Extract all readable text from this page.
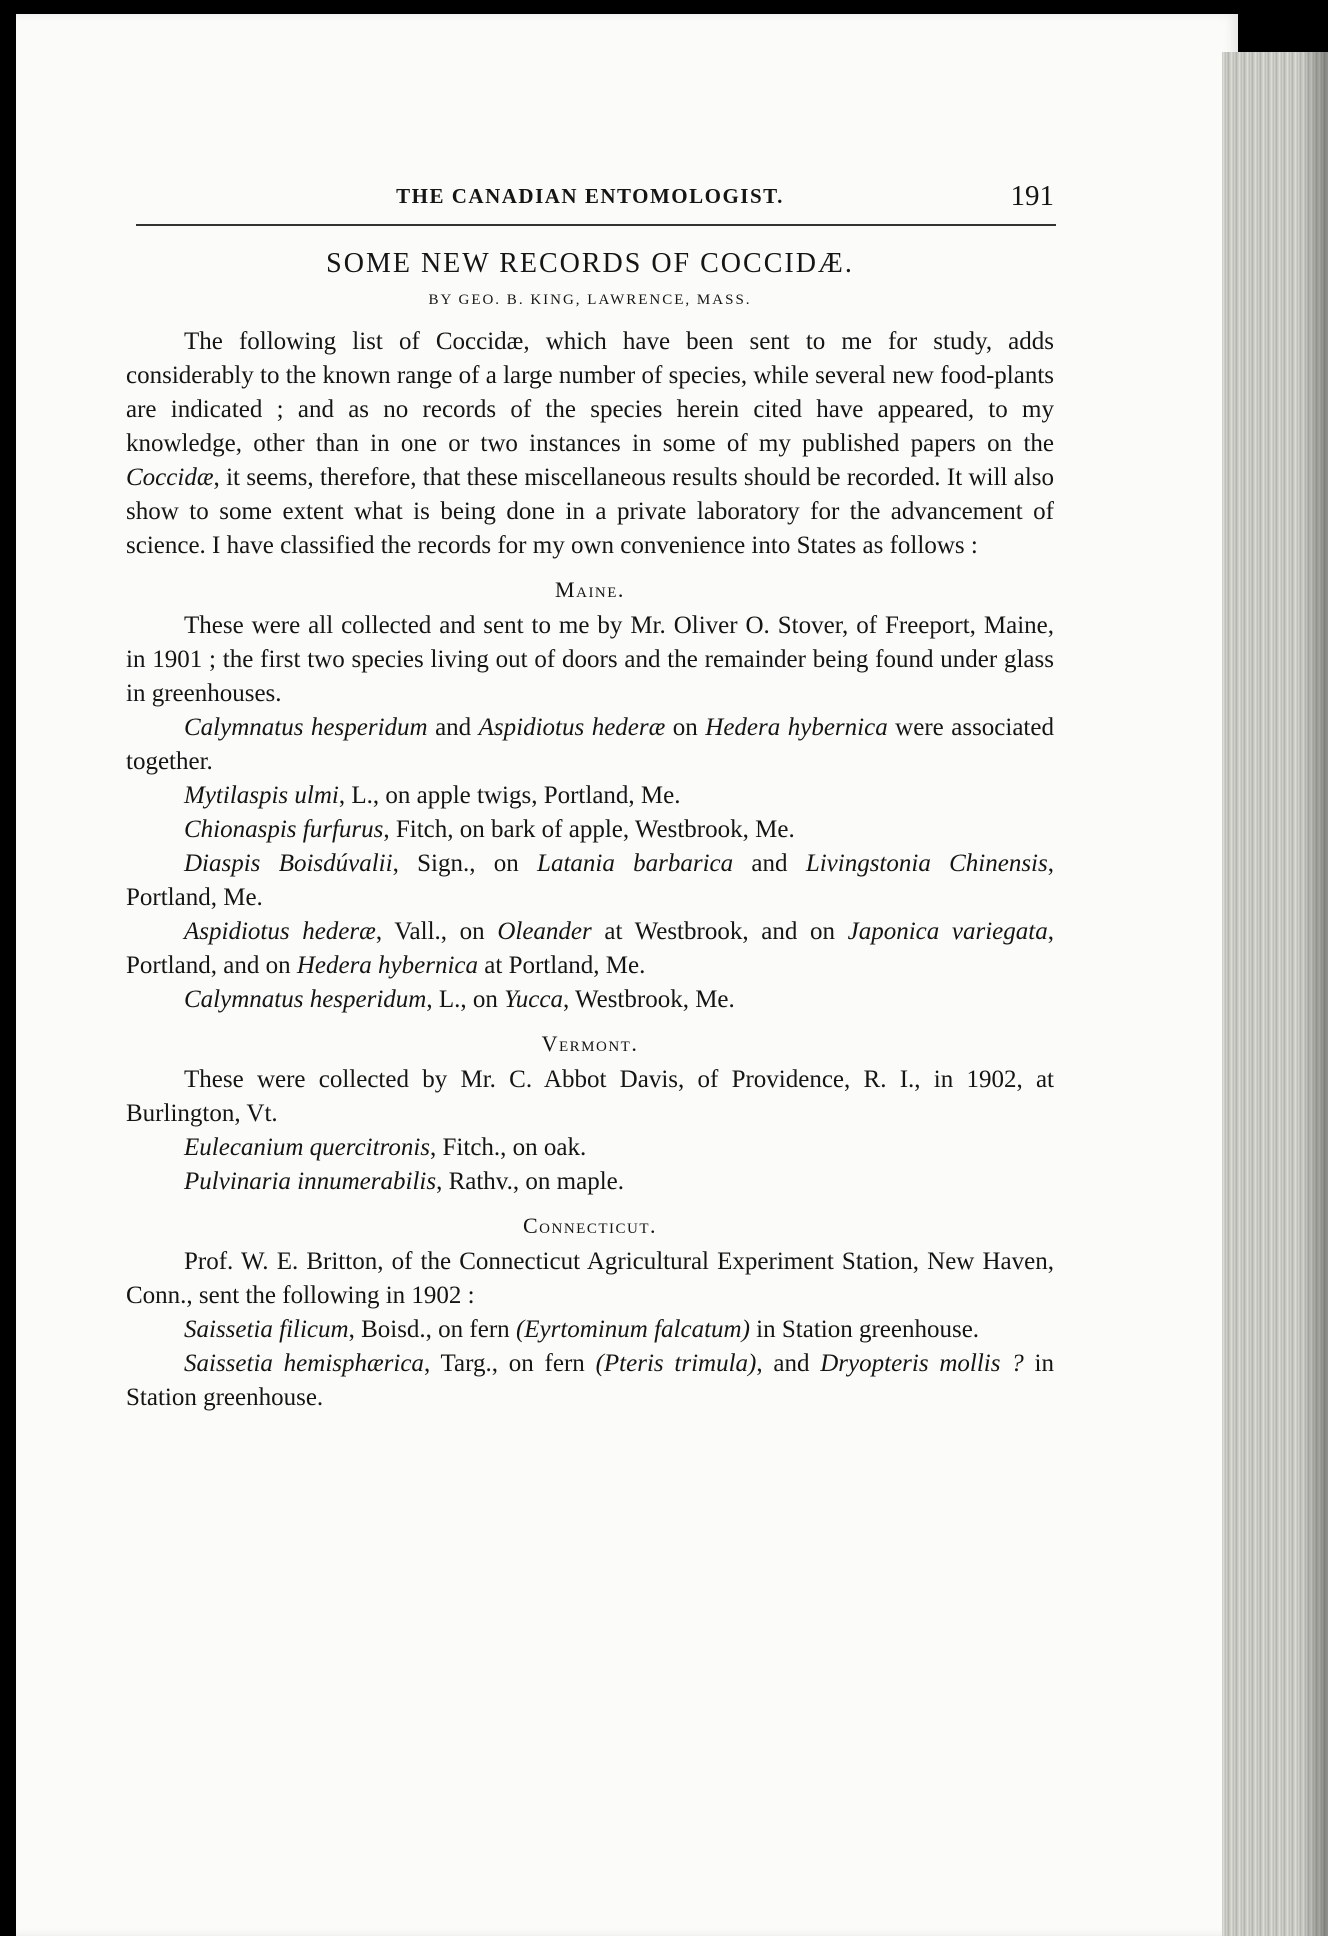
THE CANADIAN ENTOMOLOGIST.	191
SOME NEW RECORDS OF COCCIDÆ.
BY GEO. B. KING, LAWRENCE, MASS.

The following list of Coccidæ, which have been sent to me for study, adds considerably to the known range of a large number of species, while several new food-plants are indicated ; and as no records of the species herein cited have appeared, to my knowledge, other than in one or two instances in some of my published papers on the Coccidæ, it seems, therefore, that these miscellaneous results should be recorded. It will also show to some extent what is being done in a private laboratory for the advancement of science. I have classified the records for my own convenience into States as follows :

Maine.

These were all collected and sent to me by Mr. Oliver O. Stover, of Freeport, Maine, in 1901 ; the first two species living out of doors and the remainder being found under glass in greenhouses.

Calymnatus hesperidum and Aspidiotus hederæ on Hedera hybernica were associated together.

Mytilaspis ulmi, L., on apple twigs, Portland, Me.

Chionaspis furfurus, Fitch, on bark of apple, Westbrook, Me.

Diaspis Boisdúvalii, Sign., on Latania barbarica and Livingstonia Chinensis, Portland, Me.

Aspidiotus hederæ, Vall., on Oleander at Westbrook, and on Japonica variegata, Portland, and on Hedera hybernica at Portland, Me.

Calymnatus hesperidum, L., on Yucca, Westbrook, Me.

Vermont.

These were collected by Mr. C. Abbot Davis, of Providence, R. I., in 1902, at Burlington, Vt.

Eulecanium quercitronis, Fitch., on oak.

Pulvinaria innumerabilis, Rathv., on maple.

Connecticut.

Prof. W. E. Britton, of the Connecticut Agricultural Experiment Station, New Haven, Conn., sent the following in 1902 :

Saissetia filicum, Boisd., on fern (Eyrtominum falcatum) in Station greenhouse.

Saissetia hemisphærica, Targ., on fern (Pteris trimula), and Dryopteris mollis ? in Station greenhouse.
